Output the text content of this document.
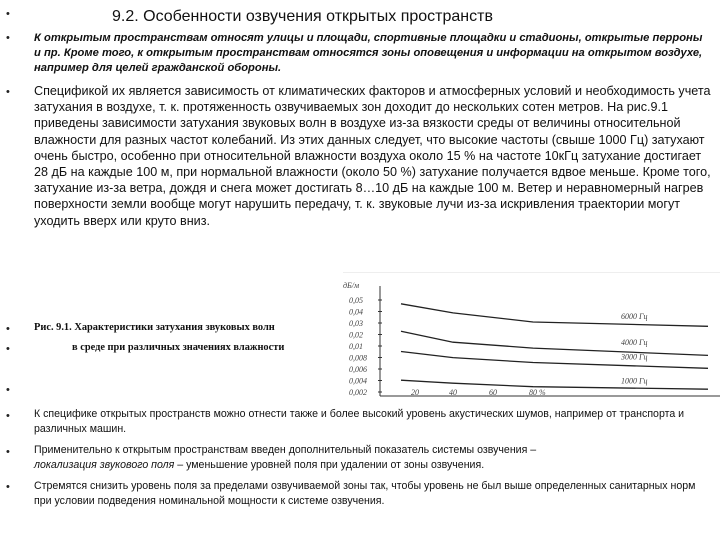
•
•
•
•
•
•
•
•
•
9.2. Особенности озвучения открытых пространств
К открытым пространствам относят улицы и площади, спортивные площадки и стадионы, открытые перроны и пр. Кроме того, к открытым пространствам относятся зоны оповещения и информации на открытом воздухе, например для целей гражданской обороны.
Спецификой их является зависимость от климатических факторов и атмосферных условий и необходимость учета затухания в воздухе, т. к. протяженность озвучиваемых зон доходит до нескольких сотен метров. На рис.9.1 приведены зависимости затухания звуковых волн в воздухе из-за вязкости среды от величины относительной влажности для разных частот колебаний. Из этих данных следует, что высокие частоты (свыше 1000 Гц) затухают очень быстро, особенно при относительной влажности воздуха около 15 % на частоте 10кГц затухание достигает 28 дБ на каждые 100 м, при нормальной влажности (около 50 %) затухание получается вдвое меньше. Кроме того, затухание из-за ветра, дождя и снега может достигать 8…10 дБ на каждые 100 м. Ветер и неравномерный нагрев поверхности земли вообще могут нарушить передачу, т. к. звуковые лучи из-за искривления траектории могут уходить вверх или круто вниз.
дБ/м
0,05
0,04
0,03
0,02
0,01
0,008
0,006
0,004
0,002	20	40	60	80 %
6000 Гц
4000 Гц
3000 Гц
1000 Гц
Рис. 9.1. Характеристики затухания звуковых волн
в среде при различных значениях влажности
К специфике открытых пространств можно отнести также и более высокий уровень акустических шумов, например от транспорта и различных машин.
Применительно к открытым пространствам введен дополнительный показатель системы озвучения –
локализация звукового поля – уменьшение уровней поля при удалении от зоны озвучения.
Стремятся снизить уровень поля за пределами озвучиваемой зоны так, чтобы уровень не был выше определенных санитарных норм при условии подведения номинальной мощности к системе озвучения.
